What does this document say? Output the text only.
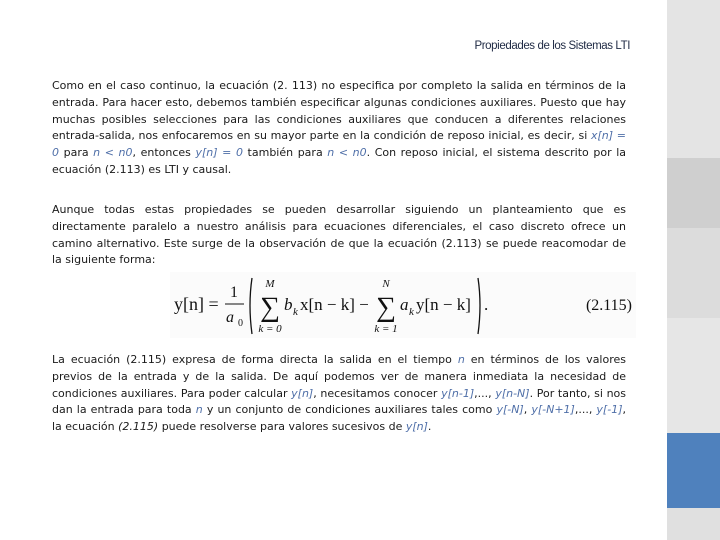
Propiedades de los Sistemas LTI

Como en el caso continuo, la ecuación (2. 113) no especifica por completo la salida en términos de la entrada. Para hacer esto, debemos también especificar algunas condiciones auxiliares. Puesto que hay muchas posibles selecciones para las condiciones auxiliares que conducen a diferentes relaciones entrada-salida, nos enfocaremos en su mayor parte en la condición de reposo inicial, es decir, si x[n] = 0 para n < n0, entonces y[n] = 0 también para n < n0. Con reposo inicial, el sistema descrito por la ecuación (2.113) es LTI y causal.

Aunque todas estas propiedades se pueden desarrollar siguiendo un planteamiento que es directamente paralelo a nuestro análisis para ecuaciones diferenciales, el caso discreto ofrece un camino alternativo. Este surge de la observación de que la ecuación (2.113) se puede reacomodar de la siguiente forma:

y[n] =
1
a 0
M
∑
k = 0
b k x[n − k] −
N
∑
k = 1
a k y[n − k] .	(2.115)

La ecuación (2.115) expresa de forma directa la salida en el tiempo n en términos de los valores previos de la entrada y de la salida. De aquí podemos ver de manera inmediata la necesidad de condiciones auxiliares. Para poder calcular y[n], necesitamos conocer y[n-1],..., y[n-N]. Por tanto, si nos dan la entrada para toda n y un conjunto de condiciones auxiliares tales como y[-N], y[-N+1],..., y[-1], la ecuación (2.115) puede resolverse para valores sucesivos de y[n].
